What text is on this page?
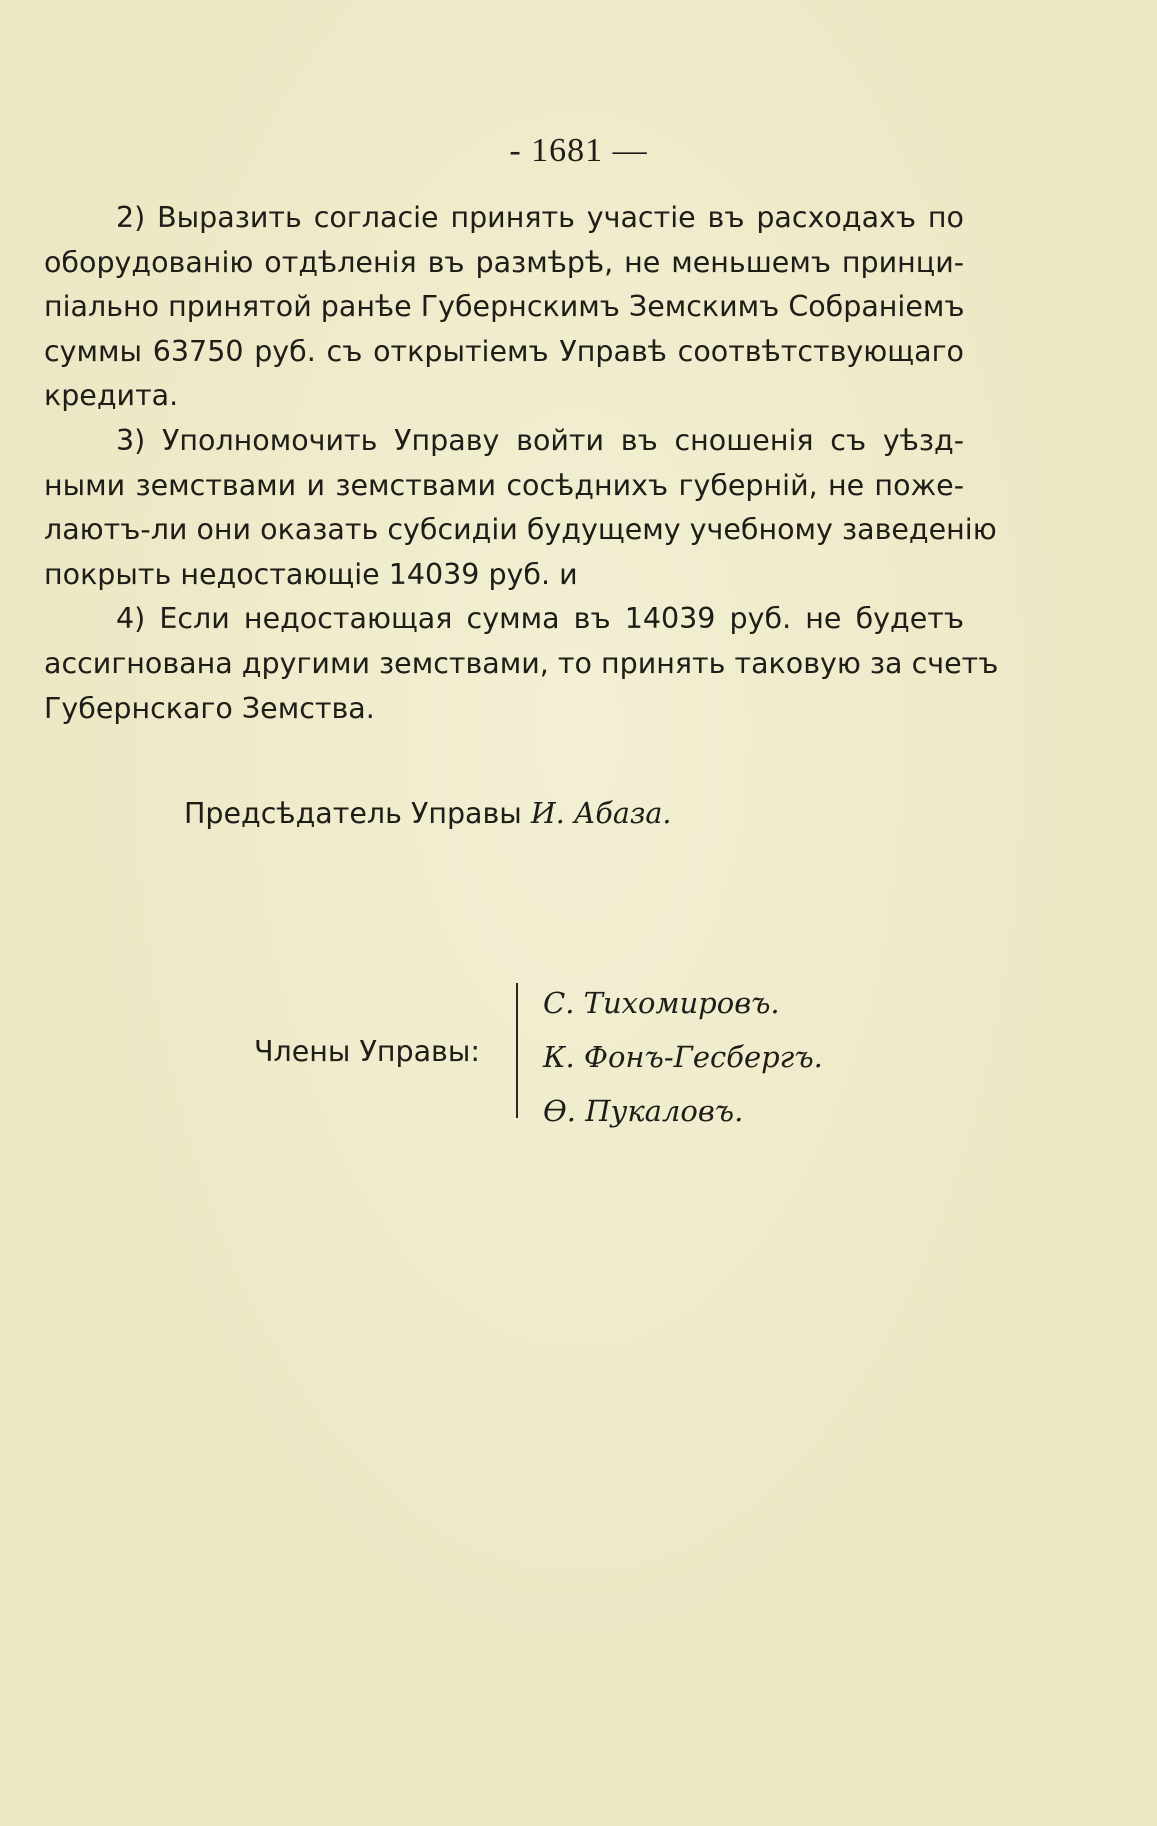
- 1681 —
2) Выразить согласіе принять участіе въ расходахъ по
оборудованію отдѣленія въ размѣрѣ, не меньшемъ принци-
піально принятой ранѣе Губернскимъ Земскимъ Собраніемъ
суммы 63750 руб. съ открытіемъ Управѣ соотвѣтствующаго
кредита.
3) Уполномочить Управу войти въ сношенія съ уѣзд-
ными земствами и земствами сосѣднихъ губерній, не поже-
лаютъ-ли они оказать субсидіи будущему учебному заведенію
покрыть недостающіе 14039 руб. и
4) Если недостающая сумма въ 14039 руб. не будетъ
ассигнована другими земствами, то принять таковую за счетъ
Губернскаго Земства.
Предсѣдатель Управы И. Абаза.
Члены Управы:
С. Тихомировъ.
К. Фонъ-Гесбергъ.
Ѳ. Пукаловъ.
